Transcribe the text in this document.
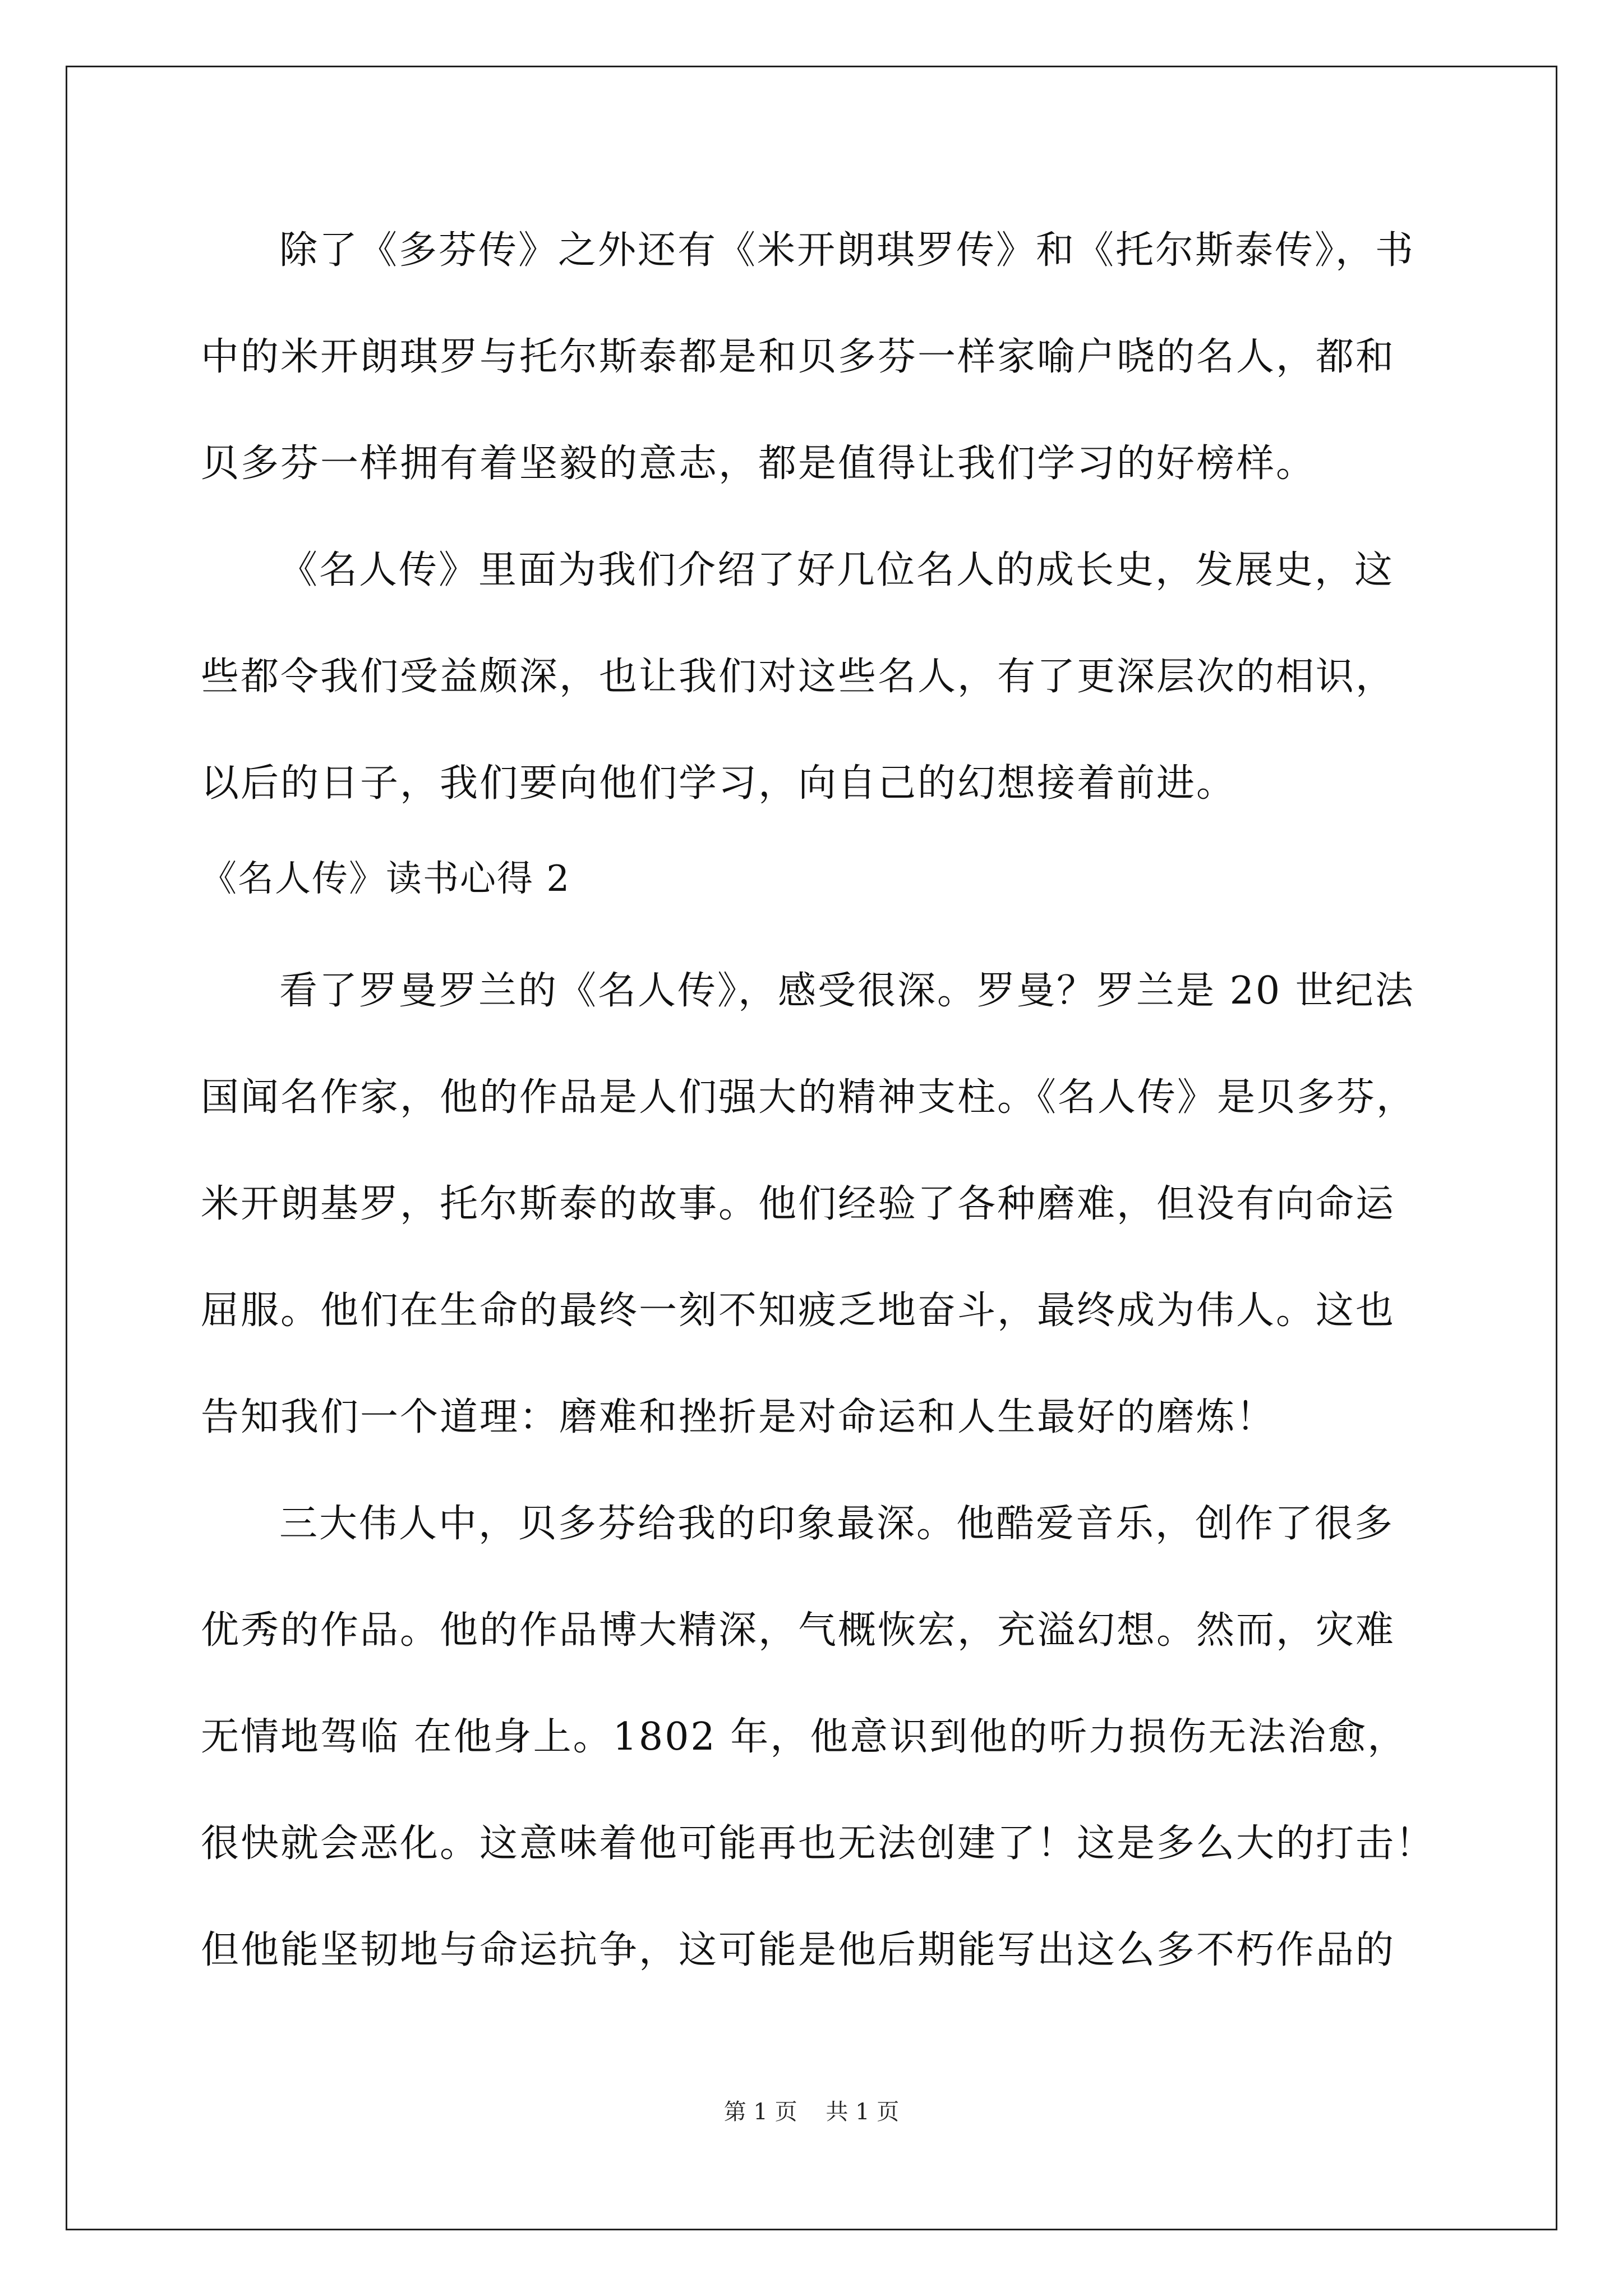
除了《多芬传》之外还有《米开朗琪罗传》和《托尔斯泰传》，书
中的米开朗琪罗与托尔斯泰都是和贝多芬一样家喻户晓的名人，都和
贝多芬一样拥有着坚毅的意志，都是值得让我们学习的好榜样。
《名人传》里面为我们介绍了好几位名人的成长史，发展史，这
些都令我们受益颇深，也让我们对这些名人，有了更深层次的相识，
以后的日子，我们要向他们学习，向自己的幻想接着前进。
《名人传》读书心得 2
看了罗曼罗兰的《名人传》，感受很深。罗曼？罗兰是 20 世纪法
国闻名作家，他的作品是人们强大的精神支柱。《名人传》是贝多芬，
米开朗基罗，托尔斯泰的故事。他们经验了各种磨难，但没有向命运
屈服。他们在生命的最终一刻不知疲乏地奋斗，最终成为伟人。这也
告知我们一个道理：磨难和挫折是对命运和人生最好的磨炼！
三大伟人中，贝多芬给我的印象最深。他酷爱音乐，创作了很多
优秀的作品。他的作品博大精深，气概恢宏，充溢幻想。然而，灾难
无情地驾临 在他身上。1802 年，他意识到他的听力损伤无法治愈，
很快就会恶化。这意味着他可能再也无法创建了！这是多么大的打击！
但他能坚韧地与命运抗争，这可能是他后期能写出这么多不朽作品的
第 1 页    共 1 页
